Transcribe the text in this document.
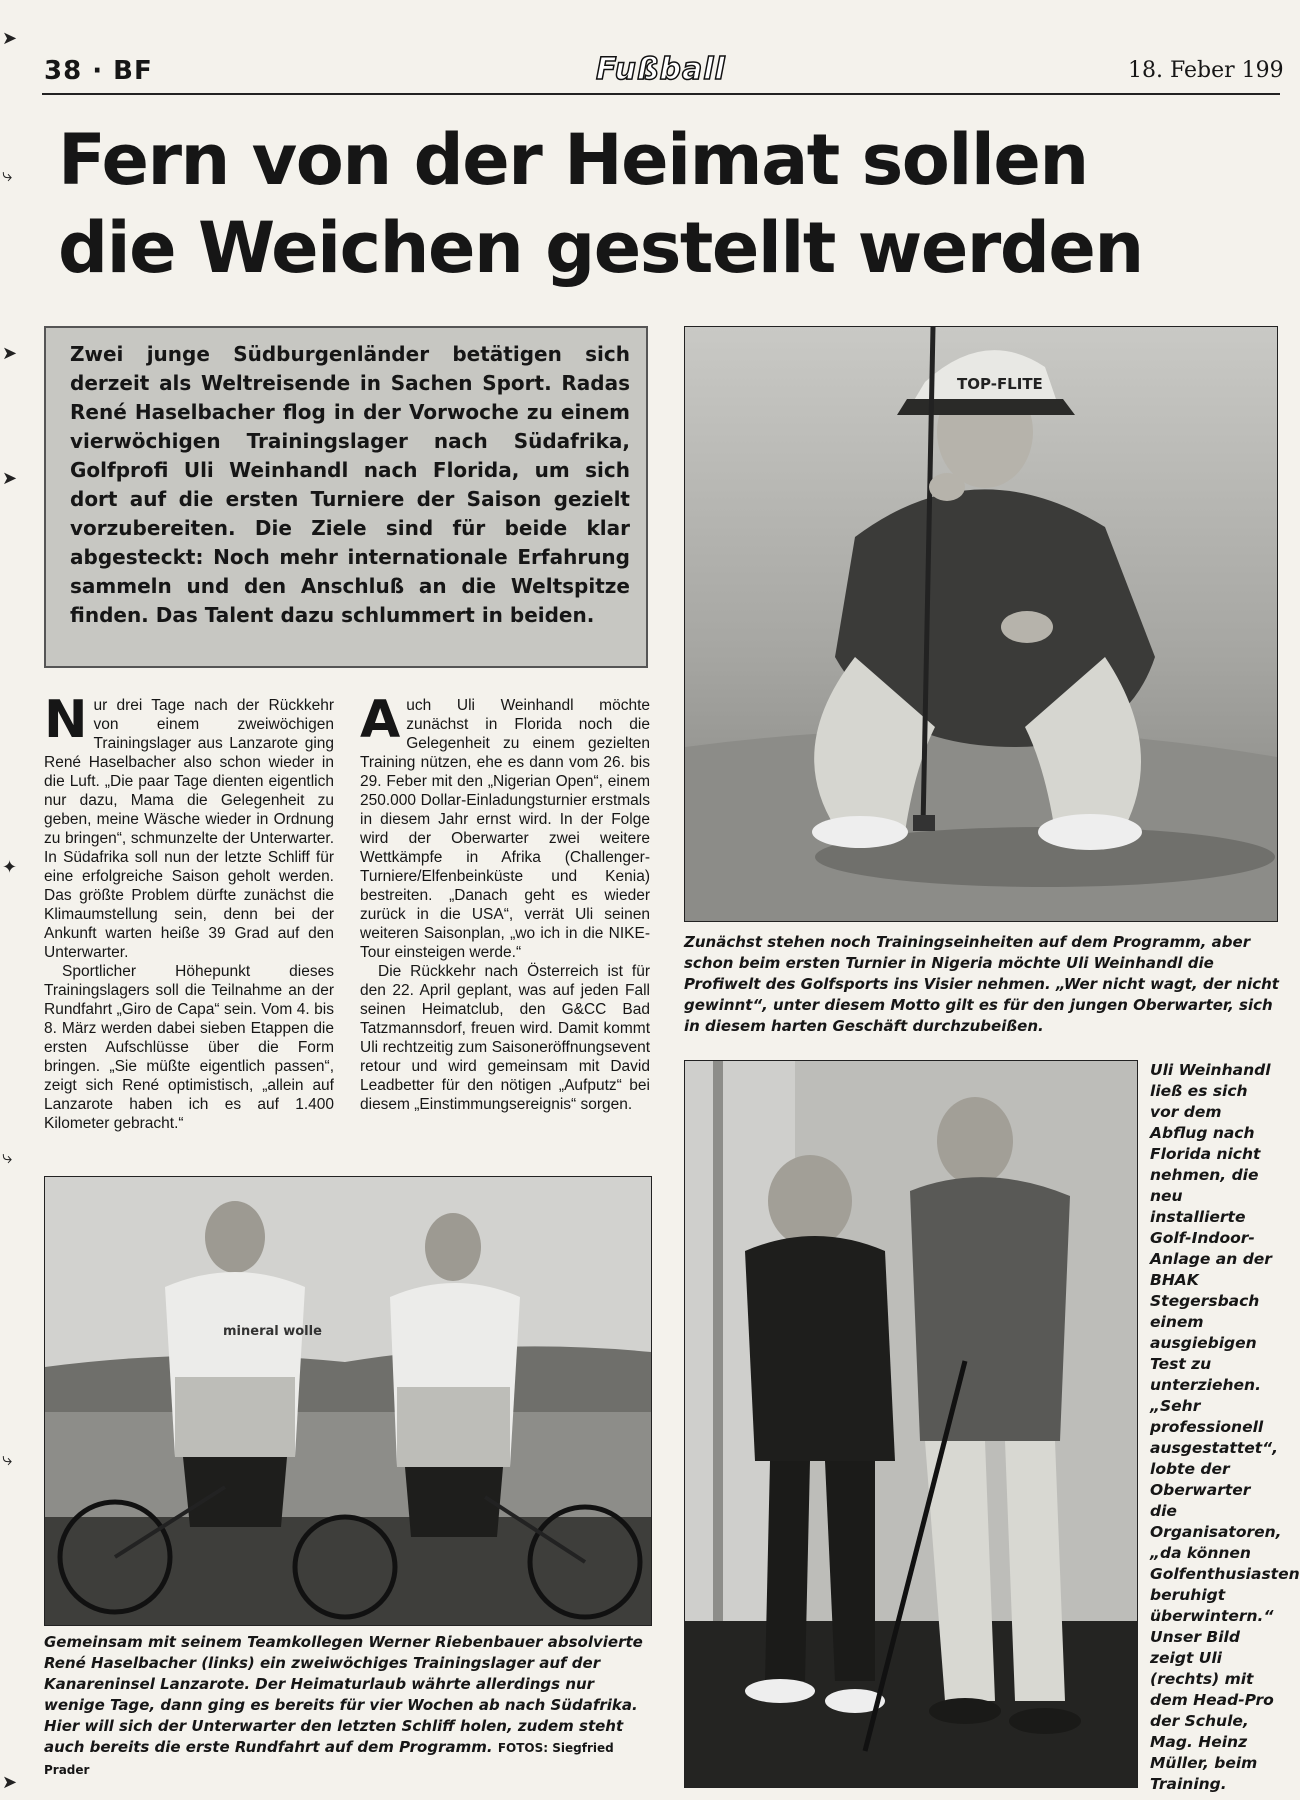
➤
⤷
➤
➤
✦
⤷
⤷
➤
38 · BF	Fußball	18. Feber 199
Fern von der Heimat sollen
die Weichen gestellt werden

Zwei junge Südburgenländer betätigen sich derzeit als Weltreisende in Sachen Sport. Radas René Haselbacher flog in der Vorwoche zu einem vierwöchigen Trainingslager nach Südafrika, Golfprofi Uli Weinhandl nach Florida, um sich dort auf die ersten Turniere der Saison gezielt vorzubereiten. Die Ziele sind für beide klar abgesteckt: Noch mehr internationale Erfahrung sammeln und den Anschluß an die Weltspitze finden. Das Talent dazu schlummert in beiden.

Nur drei Tage nach der Rückkehr von einem zweiwöchigen Trainingslager aus Lanzarote ging René Haselbacher also schon wieder in die Luft. „Die paar Tage dienten eigentlich nur dazu, Mama die Gelegenheit zu geben, meine Wäsche wieder in Ordnung zu bringen“, schmunzelte der Unterwarter. In Südafrika soll nun der letzte Schliff für eine erfolgreiche Saison geholt werden. Das größte Problem dürfte zunächst die Klimaumstellung sein, denn bei der Ankunft warten heiße 39 Grad auf den Unterwarter.

Sportlicher Höhepunkt dieses Trainingslagers soll die Teilnahme an der Rundfahrt „Giro de Capa“ sein. Vom 4. bis 8. März werden dabei sieben Etappen die ersten Aufschlüsse über die Form bringen. „Sie müßte eigentlich passen“, zeigt sich René optimistisch, „allein auf Lanzarote haben ich es auf 1.400 Kilometer gebracht.“

Auch Uli Weinhandl möchte zunächst in Florida noch die Gelegenheit zu einem gezielten Training nützen, ehe es dann vom 26. bis 29. Feber mit den „Nigerian Open“, einem 250.000 Dollar-Einladungsturnier erstmals in diesem Jahr ernst wird. In der Folge wird der Oberwarter zwei weitere Wettkämpfe in Afrika (Challenger-Turniere/Elfenbeinküste und Kenia) bestreiten. „Danach geht es wieder zurück in die USA“, verrät Uli seinen weiteren Saisonplan, „wo ich in die NIKE-Tour einsteigen werde.“

Die Rückkehr nach Österreich ist für den 22. April geplant, was auf jeden Fall seinen Heimatclub, den G&CC Bad Tatzmannsdorf, freuen wird. Damit kommt Uli rechtzeitig zum Saisoneröffnungsevent retour und wird gemeinsam mit David Leadbetter für den nötigen „Aufputz“ bei diesem „Einstimmungsereignis“ sorgen.

TOP-FLITE
Zunächst stehen noch Trainingseinheiten auf dem Programm, aber schon beim ersten Turnier in Nigeria möchte Uli Weinhandl die Profiwelt des Golfsports ins Visier nehmen. „Wer nicht wagt, der nicht gewinnt“, unter diesem Motto gilt es für den jungen Oberwarter, sich in diesem harten Geschäft durchzubeißen.
mineral wolle
Gemeinsam mit seinem Teamkollegen Werner Riebenbauer absolvierte René Haselbacher (links) ein zweiwöchiges Trainingslager auf der Kanareninsel Lanzarote. Der Heimaturlaub währte allerdings nur wenige Tage, dann ging es bereits für vier Wochen ab nach Südafrika. Hier will sich der Unterwarter den letzten Schliff holen, zudem steht auch bereits die erste Rundfahrt auf dem Programm. FOTOS: Siegfried Prader
Uli Weinhandl ließ es sich vor dem Abflug nach Florida nicht nehmen, die neu installierte Golf-Indoor-Anlage an der BHAK Stegersbach einem ausgiebigen Test zu unterziehen. „Sehr professionell ausgestattet“, lobte der Oberwarter die Organisatoren, „da können Golfenthusiasten beruhigt überwintern.“ Unser Bild zeigt Uli (rechts) mit dem Head-Pro der Schule, Mag. Heinz Müller, beim Training.
